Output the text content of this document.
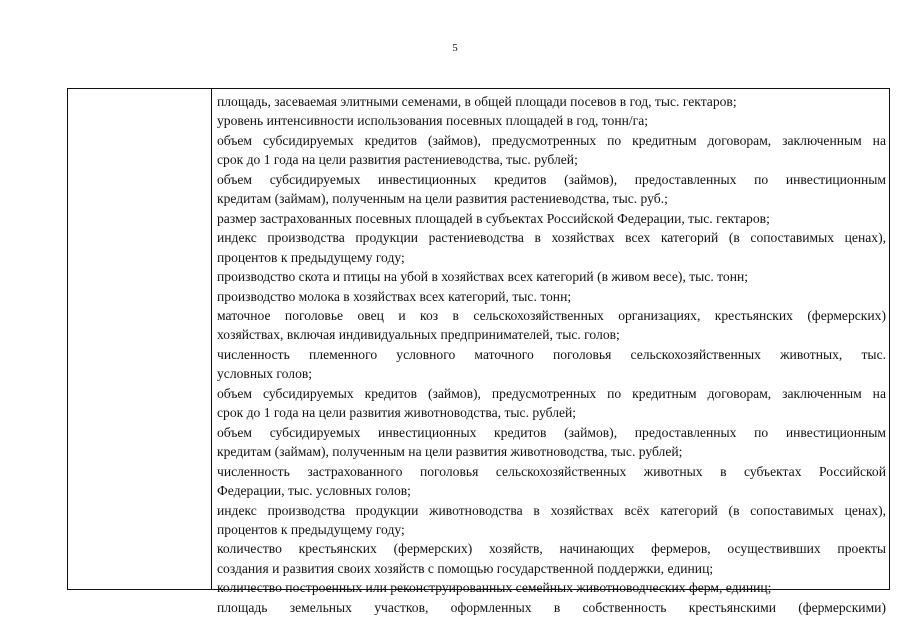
5
площадь, засеваемая элитными семенами, в общей площади посевов в год, тыс. гектаров;
уровень интенсивности использования посевных площадей в год, тонн/га;
объем субсидируемых кредитов (займов), предусмотренных по кредитным договорам, заключенным на
срок до 1 года на цели развития растениеводства, тыс. рублей;
объем субсидируемых инвестиционных кредитов (займов), предоставленных по инвестиционным
кредитам (займам), полученным на цели развития растениеводства, тыс. руб.;
размер застрахованных посевных площадей в субъектах Российской Федерации, тыс. гектаров;
индекс производства продукции растениеводства в хозяйствах всех категорий (в сопоставимых ценах),
процентов к предыдущему году;
производство скота и птицы на убой в хозяйствах всех категорий (в живом весе), тыс. тонн;
производство молока в хозяйствах всех категорий, тыс. тонн;
маточное поголовье овец и коз в сельскохозяйственных организациях, крестьянских (фермерских)
хозяйствах, включая индивидуальных предпринимателей, тыс. голов;
численность племенного условного маточного поголовья сельскохозяйственных животных, тыс.
условных голов;
объем субсидируемых кредитов (займов), предусмотренных по кредитным договорам, заключенным на
срок до 1 года на цели развития животноводства, тыс. рублей;
объем субсидируемых инвестиционных кредитов (займов), предоставленных по инвестиционным
кредитам (займам), полученным на цели развития животноводства, тыс. рублей;
численность застрахованного поголовья сельскохозяйственных животных в субъектах Российской
Федерации, тыс. условных голов;
индекс производства продукции животноводства в хозяйствах всёх категорий (в сопоставимых ценах),
процентов к предыдущему году;
количество крестьянских (фермерских) хозяйств, начинающих фермеров, осуществивших проекты
создания и развития своих хозяйств с помощью государственной поддержки, единиц;
количество построенных или реконструированных семейных животноводческих ферм, единиц;
площадь земельных участков, оформленных в собственность крестьянскими (фермерскими)
